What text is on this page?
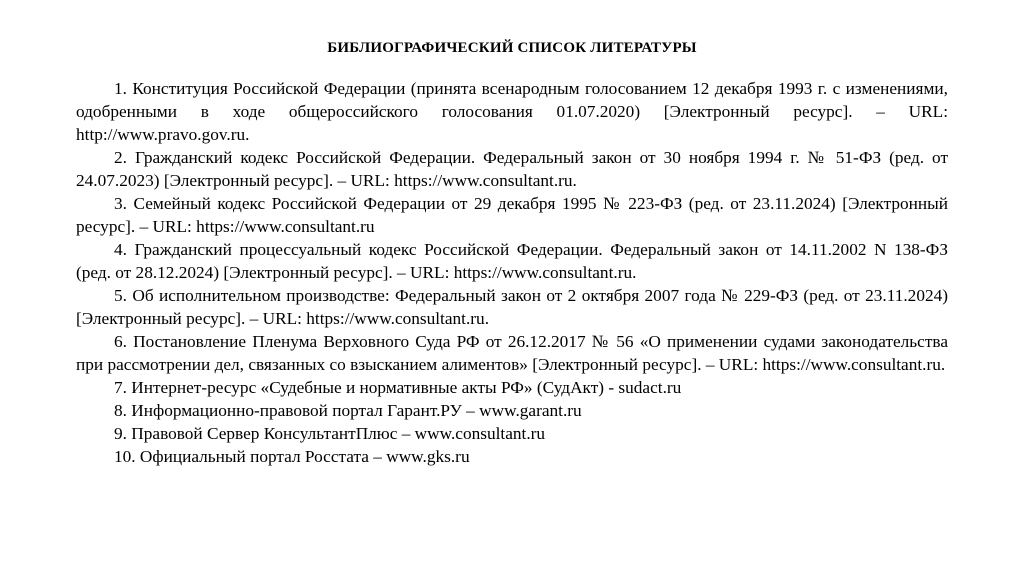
БИБЛИОГРАФИЧЕСКИЙ СПИСОК ЛИТЕРАТУРЫ

1. Конституция Российской Федерации (принята всенародным голосованием 12 декабря 1993 г. с изменениями, одобренными в ходе общероссийского голосования 01.07.2020) [Электронный ресурс]. – URL: http://www.pravo.gov.ru.

2. Гражданский кодекс Российской Федерации. Федеральный закон от 30 ноября 1994 г. № 51-ФЗ (ред. от 24.07.2023) [Электронный ресурс]. – URL: https://www.consultant.ru.

3. Семейный кодекс Российской Федерации от 29 декабря 1995 № 223-ФЗ (ред. от 23.11.2024) [Электронный ресурс]. – URL: https://www.consultant.ru

4. Гражданский процессуальный кодекс Российской Федерации. Федеральный закон от 14.11.2002 N 138-ФЗ (ред. от 28.12.2024) [Электронный ресурс]. – URL: https://www.consultant.ru.

5. Об исполнительном производстве: Федеральный закон от 2 октября 2007 года № 229-ФЗ (ред. от 23.11.2024) [Электронный ресурс]. – URL: https://www.consultant.ru.

6. Постановление Пленума Верховного Суда РФ от 26.12.2017 № 56 «О применении судами законодательства при рассмотрении дел, связанных со взысканием алиментов» [Электронный ресурс]. – URL: https://www.consultant.ru.

7. Интернет-ресурс «Судебные и нормативные акты РФ» (СудАкт) - sudact.ru

8. Информационно-правовой портал Гарант.РУ – www.garant.ru

9. Правовой Сервер КонсультантПлюс – www.consultant.ru

10. Официальный портал Росстата – www.gks.ru
